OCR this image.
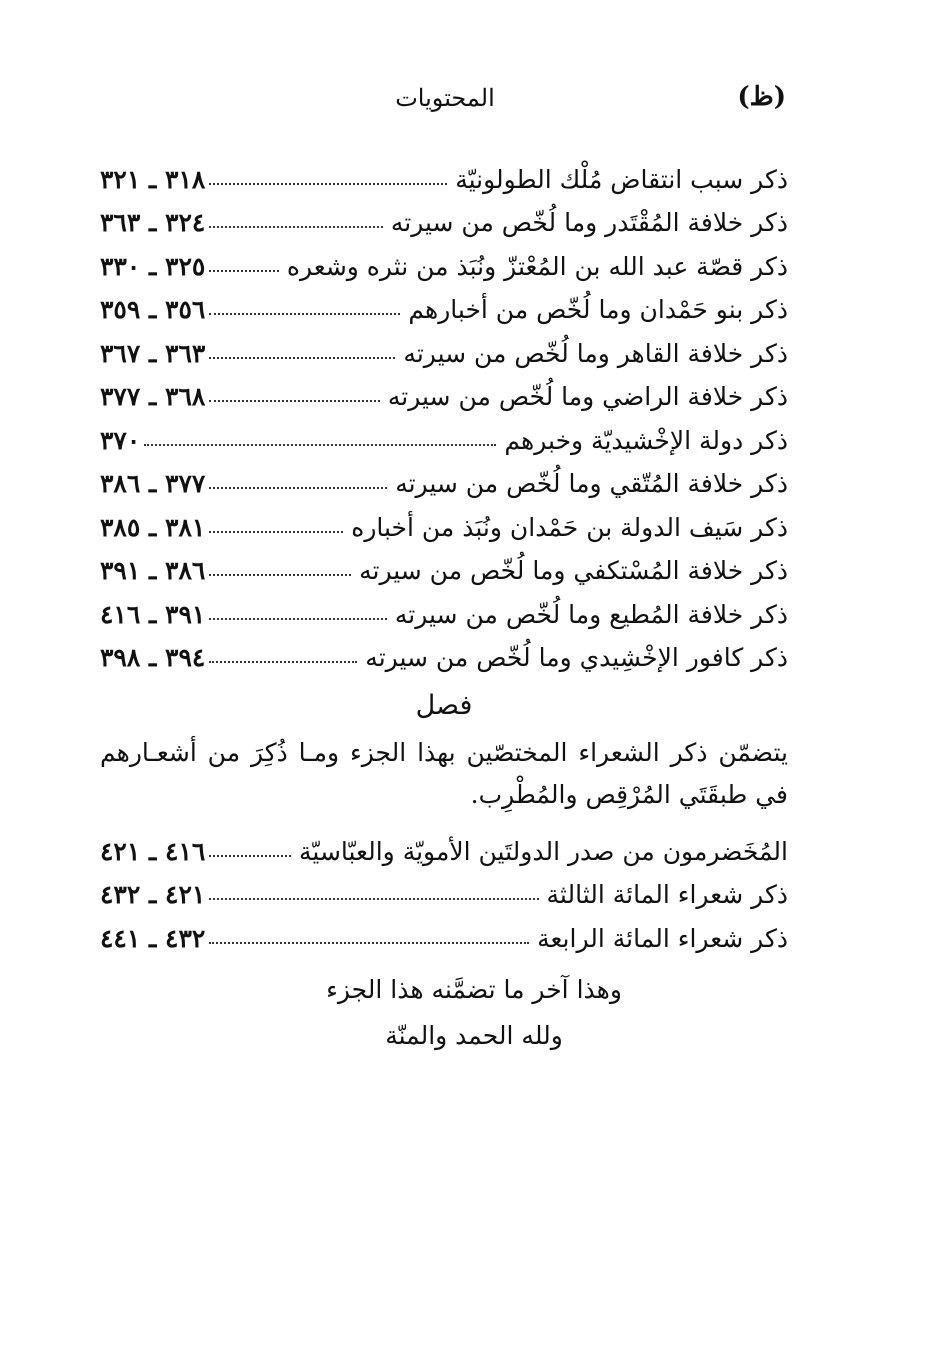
(ظ)
المحتويات
ذكر سبب انتقاض مُلْك الطولونيّة
٣١٨ ـ ٣٢١
ذكر خلافة المُقْتَدر وما لُخّص من سيرته
٣٢٤ ـ ٣٦٣
ذكر قصّة عبد الله بن المُعْتزّ ونُبَذ من نثره وشعره
٣٢٥ ـ ٣٣٠
ذكر بنو حَمْدان وما لُخّص من أخبارهم
٣٥٦ ـ ٣٥٩
ذكر خلافة القاهر وما لُخّص من سيرته
٣٦٣ ـ ٣٦٧
ذكر خلافة الراضي وما لُخّص من سيرته
٣٦٨ ـ ٣٧٧
ذكر دولة الإخْشيديّة وخبرهم
٣٧٠
ذكر خلافة المُتّقي وما لُخّص من سيرته
٣٧٧ ـ ٣٨٦
ذكر سَيف الدولة بن حَمْدان ونُبَذ من أخباره
٣٨١ ـ ٣٨٥
ذكر خلافة المُسْتكفي وما لُخّص من سيرته
٣٨٦ ـ ٣٩١
ذكر خلافة المُطيع وما لُخّص من سيرته
٣٩١ ـ ٤١٦
ذكر كافور الإخْشِيدي وما لُخّص من سيرته
٣٩٤ ـ ٣٩٨
فصل
يتضمّن ذكر الشعراء المختصّين بهذا الجزء ومـا ذُكِرَ من أشعـارهم في طبقَتَي المُرْقِص والمُطْرِب.
المُخَضرمون من صدر الدولتَين الأمويّة والعبّاسيّة
٤١٦ ـ ٤٢١
ذكر شعراء المائة الثالثة
٤٢١ ـ ٤٣٢
ذكر شعراء المائة الرابعة
٤٣٢ ـ ٤٤١
وهذا آخر ما تضمَّنه هذا الجزء
ولله الحمد والمنّة
